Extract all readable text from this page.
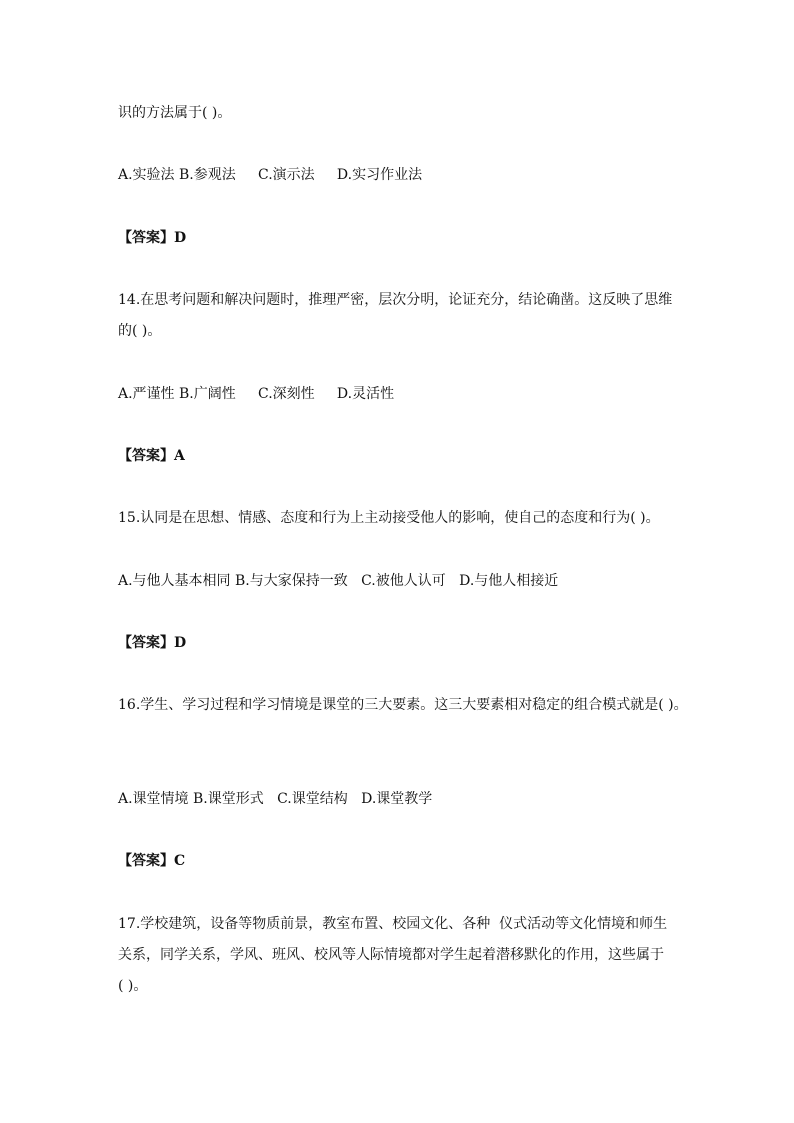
识的方法属于( )。

A.实验法 B.参观法     C.演示法     D.实习作业法

【答案】D

14.在思考问题和解决问题时，推理严密，层次分明，论证充分，结论确凿。这反映了思维

的( )。

A.严谨性 B.广阔性     C.深刻性     D.灵活性

【答案】A

15.认同是在思想、情感、态度和行为上主动接受他人的影响，使自己的态度和行为( )。

A.与他人基本相同 B.与大家保持一致   C.被他人认可   D.与他人相接近

【答案】D

16.学生、学习过程和学习情境是课堂的三大要素。这三大要素相对稳定的组合模式就是( )。

A.课堂情境 B.课堂形式   C.课堂结构   D.课堂教学

【答案】C

17.学校建筑，设备等物质前景，教室布置、校园文化、各种  仪式活动等文化情境和师生

关系，同学关系，学风、班风、校风等人际情境都对学生起着潜移默化的作用，这些属于

( )。
